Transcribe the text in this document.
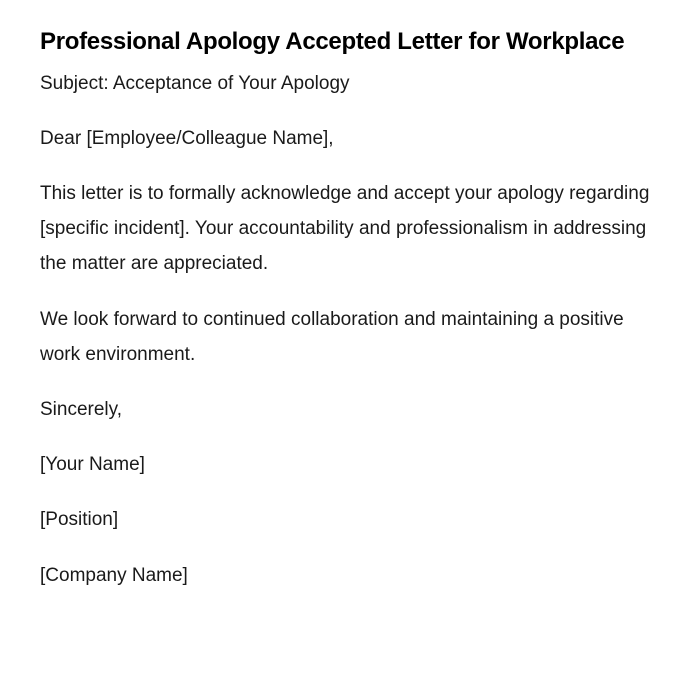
Professional Apology Accepted Letter for Workplace

Subject: Acceptance of Your Apology

Dear [Employee/Colleague Name],

This letter is to formally acknowledge and accept your apology regarding [specific incident]. Your accountability and professionalism in addressing the matter are appreciated.

We look forward to continued collaboration and maintaining a positive work environment.

Sincerely,

[Your Name]

[Position]

[Company Name]
